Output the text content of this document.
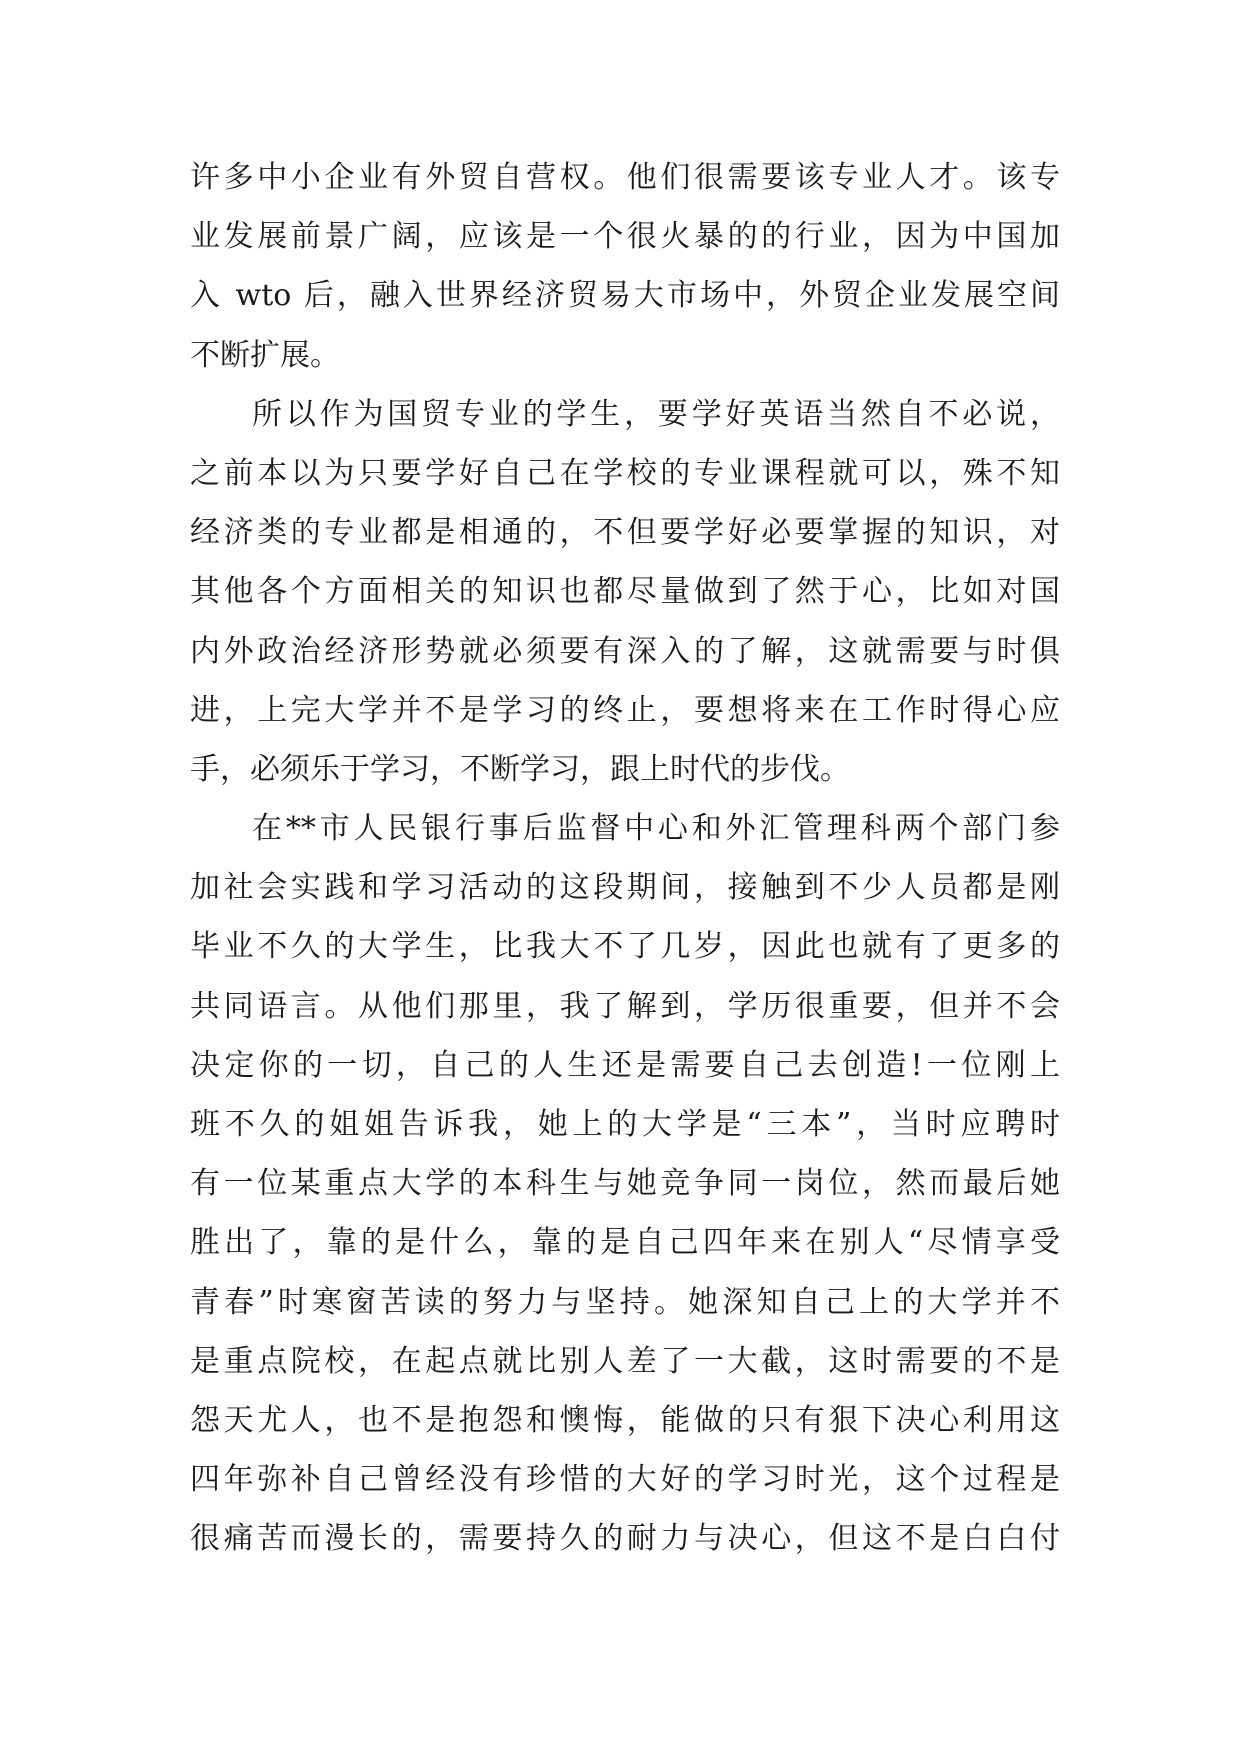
许多中小企业有外贸自营权。他们很需要该专业人才。该专
业发展前景广阔，应该是一个很火暴的的行业，因为中国加
入 wto 后，融入世界经济贸易大市场中，外贸企业发展空间
不断扩展。
所以作为国贸专业的学生，要学好英语当然自不必说，
之前本以为只要学好自己在学校的专业课程就可以，殊不知
经济类的专业都是相通的，不但要学好必要掌握的知识，对
其他各个方面相关的知识也都尽量做到了然于心，比如对国
内外政治经济形势就必须要有深入的了解，这就需要与时俱
进，上完大学并不是学习的终止，要想将来在工作时得心应
手，必须乐于学习，不断学习，跟上时代的步伐。
在**市人民银行事后监督中心和外汇管理科两个部门参
加社会实践和学习活动的这段期间，接触到不少人员都是刚
毕业不久的大学生，比我大不了几岁，因此也就有了更多的
共同语言。从他们那里，我了解到，学历很重要，但并不会
决定你的一切，自己的人生还是需要自己去创造!一位刚上
班不久的姐姐告诉我，她上的大学是“三本”，当时应聘时
有一位某重点大学的本科生与她竞争同一岗位，然而最后她
胜出了，靠的是什么，靠的是自己四年来在别人“尽情享受
青春”时寒窗苦读的努力与坚持。她深知自己上的大学并不
是重点院校，在起点就比别人差了一大截，这时需要的不是
怨天尤人，也不是抱怨和懊悔，能做的只有狠下决心利用这
四年弥补自己曾经没有珍惜的大好的学习时光，这个过程是
很痛苦而漫长的，需要持久的耐力与决心，但这不是白白付
